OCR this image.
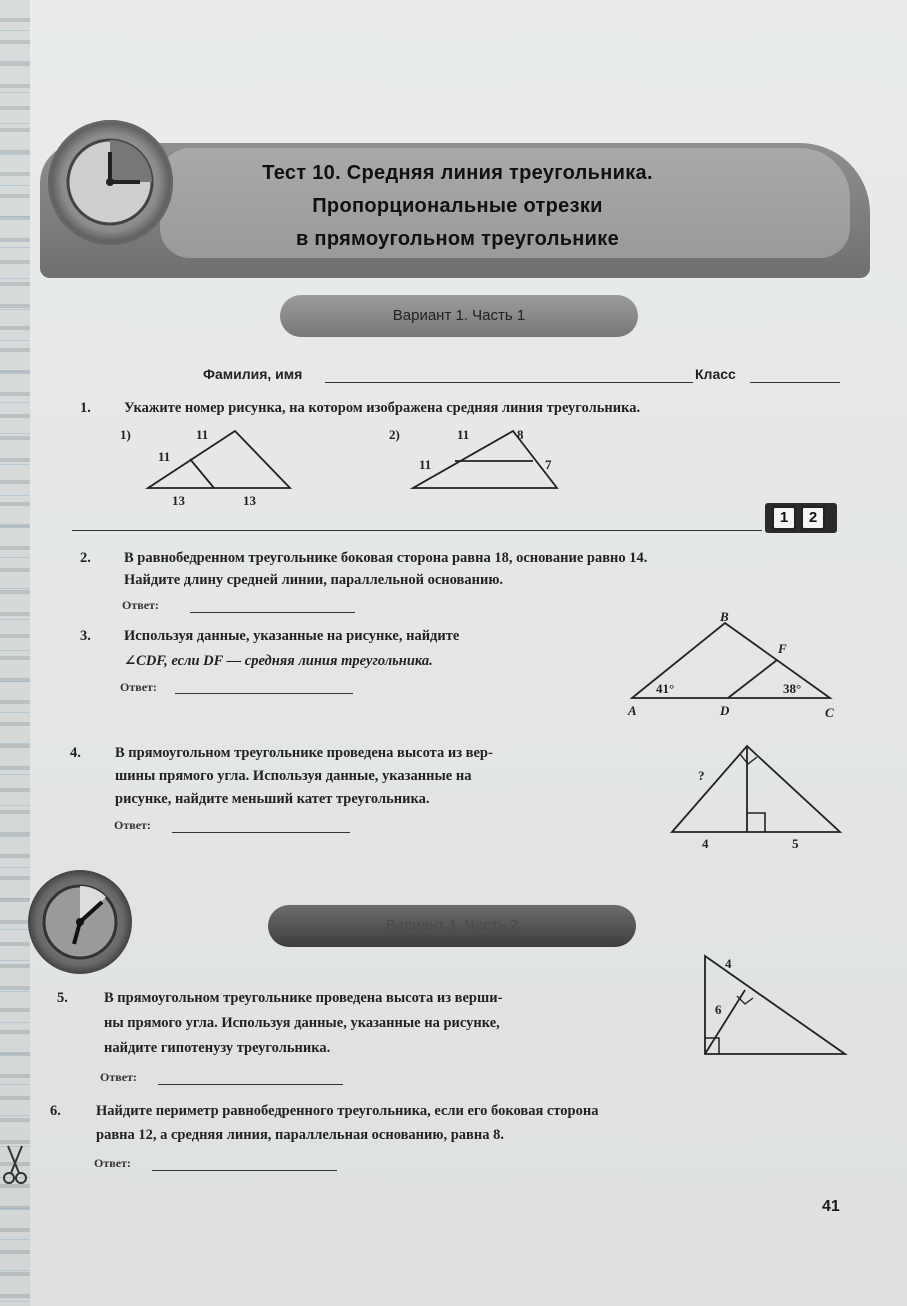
Тест 10. Средняя линия треугольника.
Пропорциональные отрезки
в прямоугольном треугольнике
Вариант 1. Часть 1
Фамилия, имя	Класс
1. Укажите номер рисунка, на котором изображена средняя линия треугольника.
1)	11
11
13	13
2)	11	8
11	7
1	2
2. В равнобедренном треугольнике боковая сторона равна 18, основание равно 14.
Найдите длину средней линии, параллельной основанию.
Ответ:
3. Используя данные, указанные на рисунке, найдите
∠CDF, если DF — средняя линия треугольника.
Ответ:
B
F
A	D	C
41°	38°
4. В прямоугольном треугольнике проведена высота из вер-
шины прямого угла. Используя данные, указанные на
рисунке, найдите меньший катет треугольника.
Ответ:
?
4	5
Вариант 1. Часть 2
5. В прямоугольном треугольнике проведена высота из верши-
ны прямого угла. Используя данные, указанные на рисунке,
найдите гипотенузу треугольника.
Ответ:
4
6
6. Найдите периметр равнобедренного треугольника, если его боковая сторона
равна 12, а средняя линия, параллельная основанию, равна 8.
Ответ:
41
